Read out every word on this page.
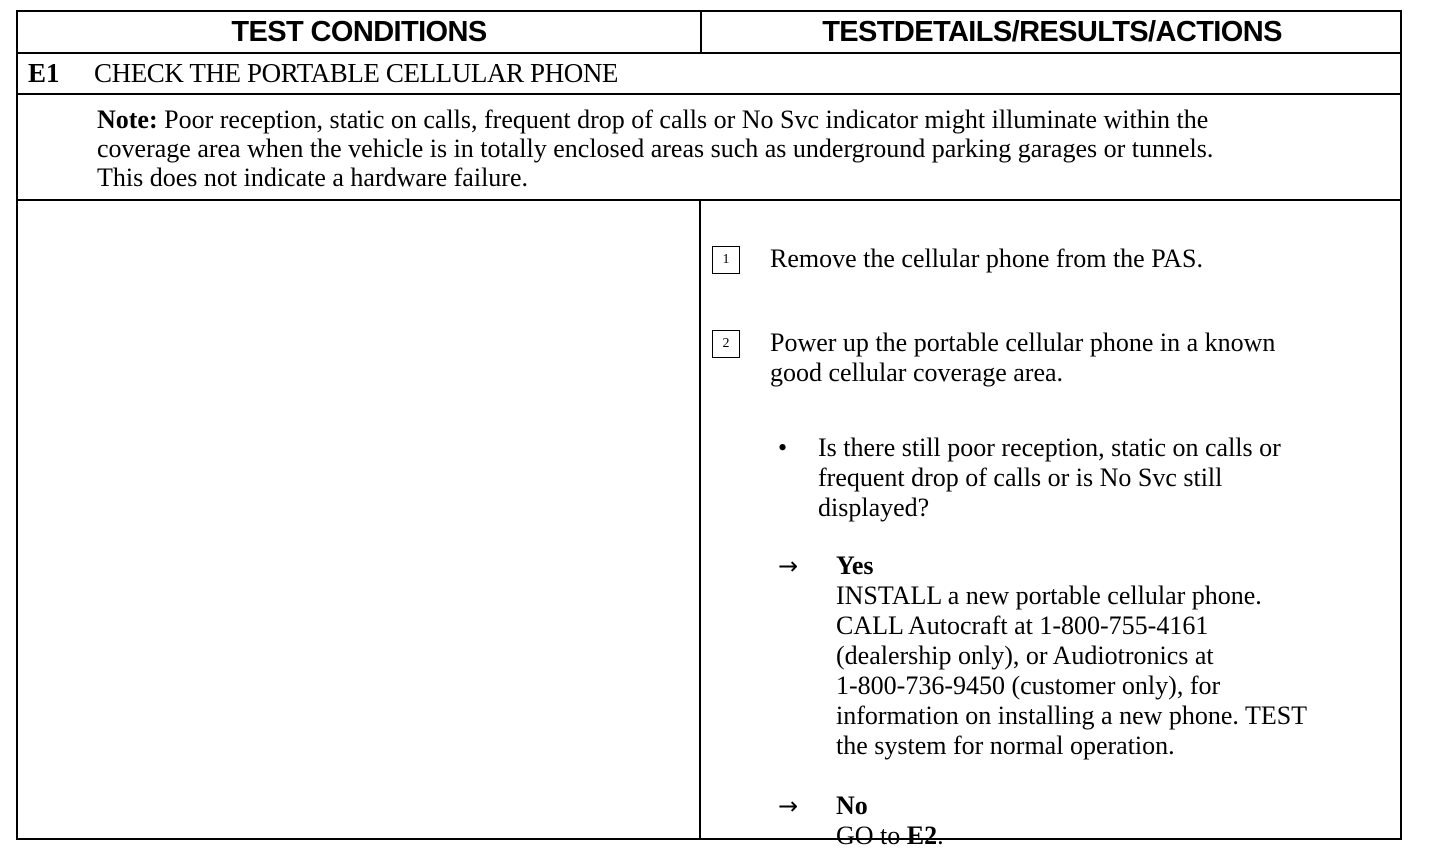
TEST CONDITIONS	TESTDETAILS/RESULTS/ACTIONS
E1	CHECK THE PORTABLE CELLULAR PHONE
Note: Poor reception, static on calls, frequent drop of calls or No Svc indicator might illuminate within the
coverage area when the vehicle is in totally enclosed areas such as underground parking garages or tunnels.
This does not indicate a hardware failure.
1	Remove the cellular phone from the PAS.
2	Power up the portable cellular phone in a known
good cellular coverage area.
•	Is there still poor reception, static on calls or
frequent drop of calls or is No Svc still
displayed?
→	Yes
INSTALL a new portable cellular phone.
CALL Autocraft at 1-800-755-4161
(dealership only), or Audiotronics at
1-800-736-9450 (customer only), for
information on installing a new phone. TEST
the system for normal operation.
→	No
GO to E2.
